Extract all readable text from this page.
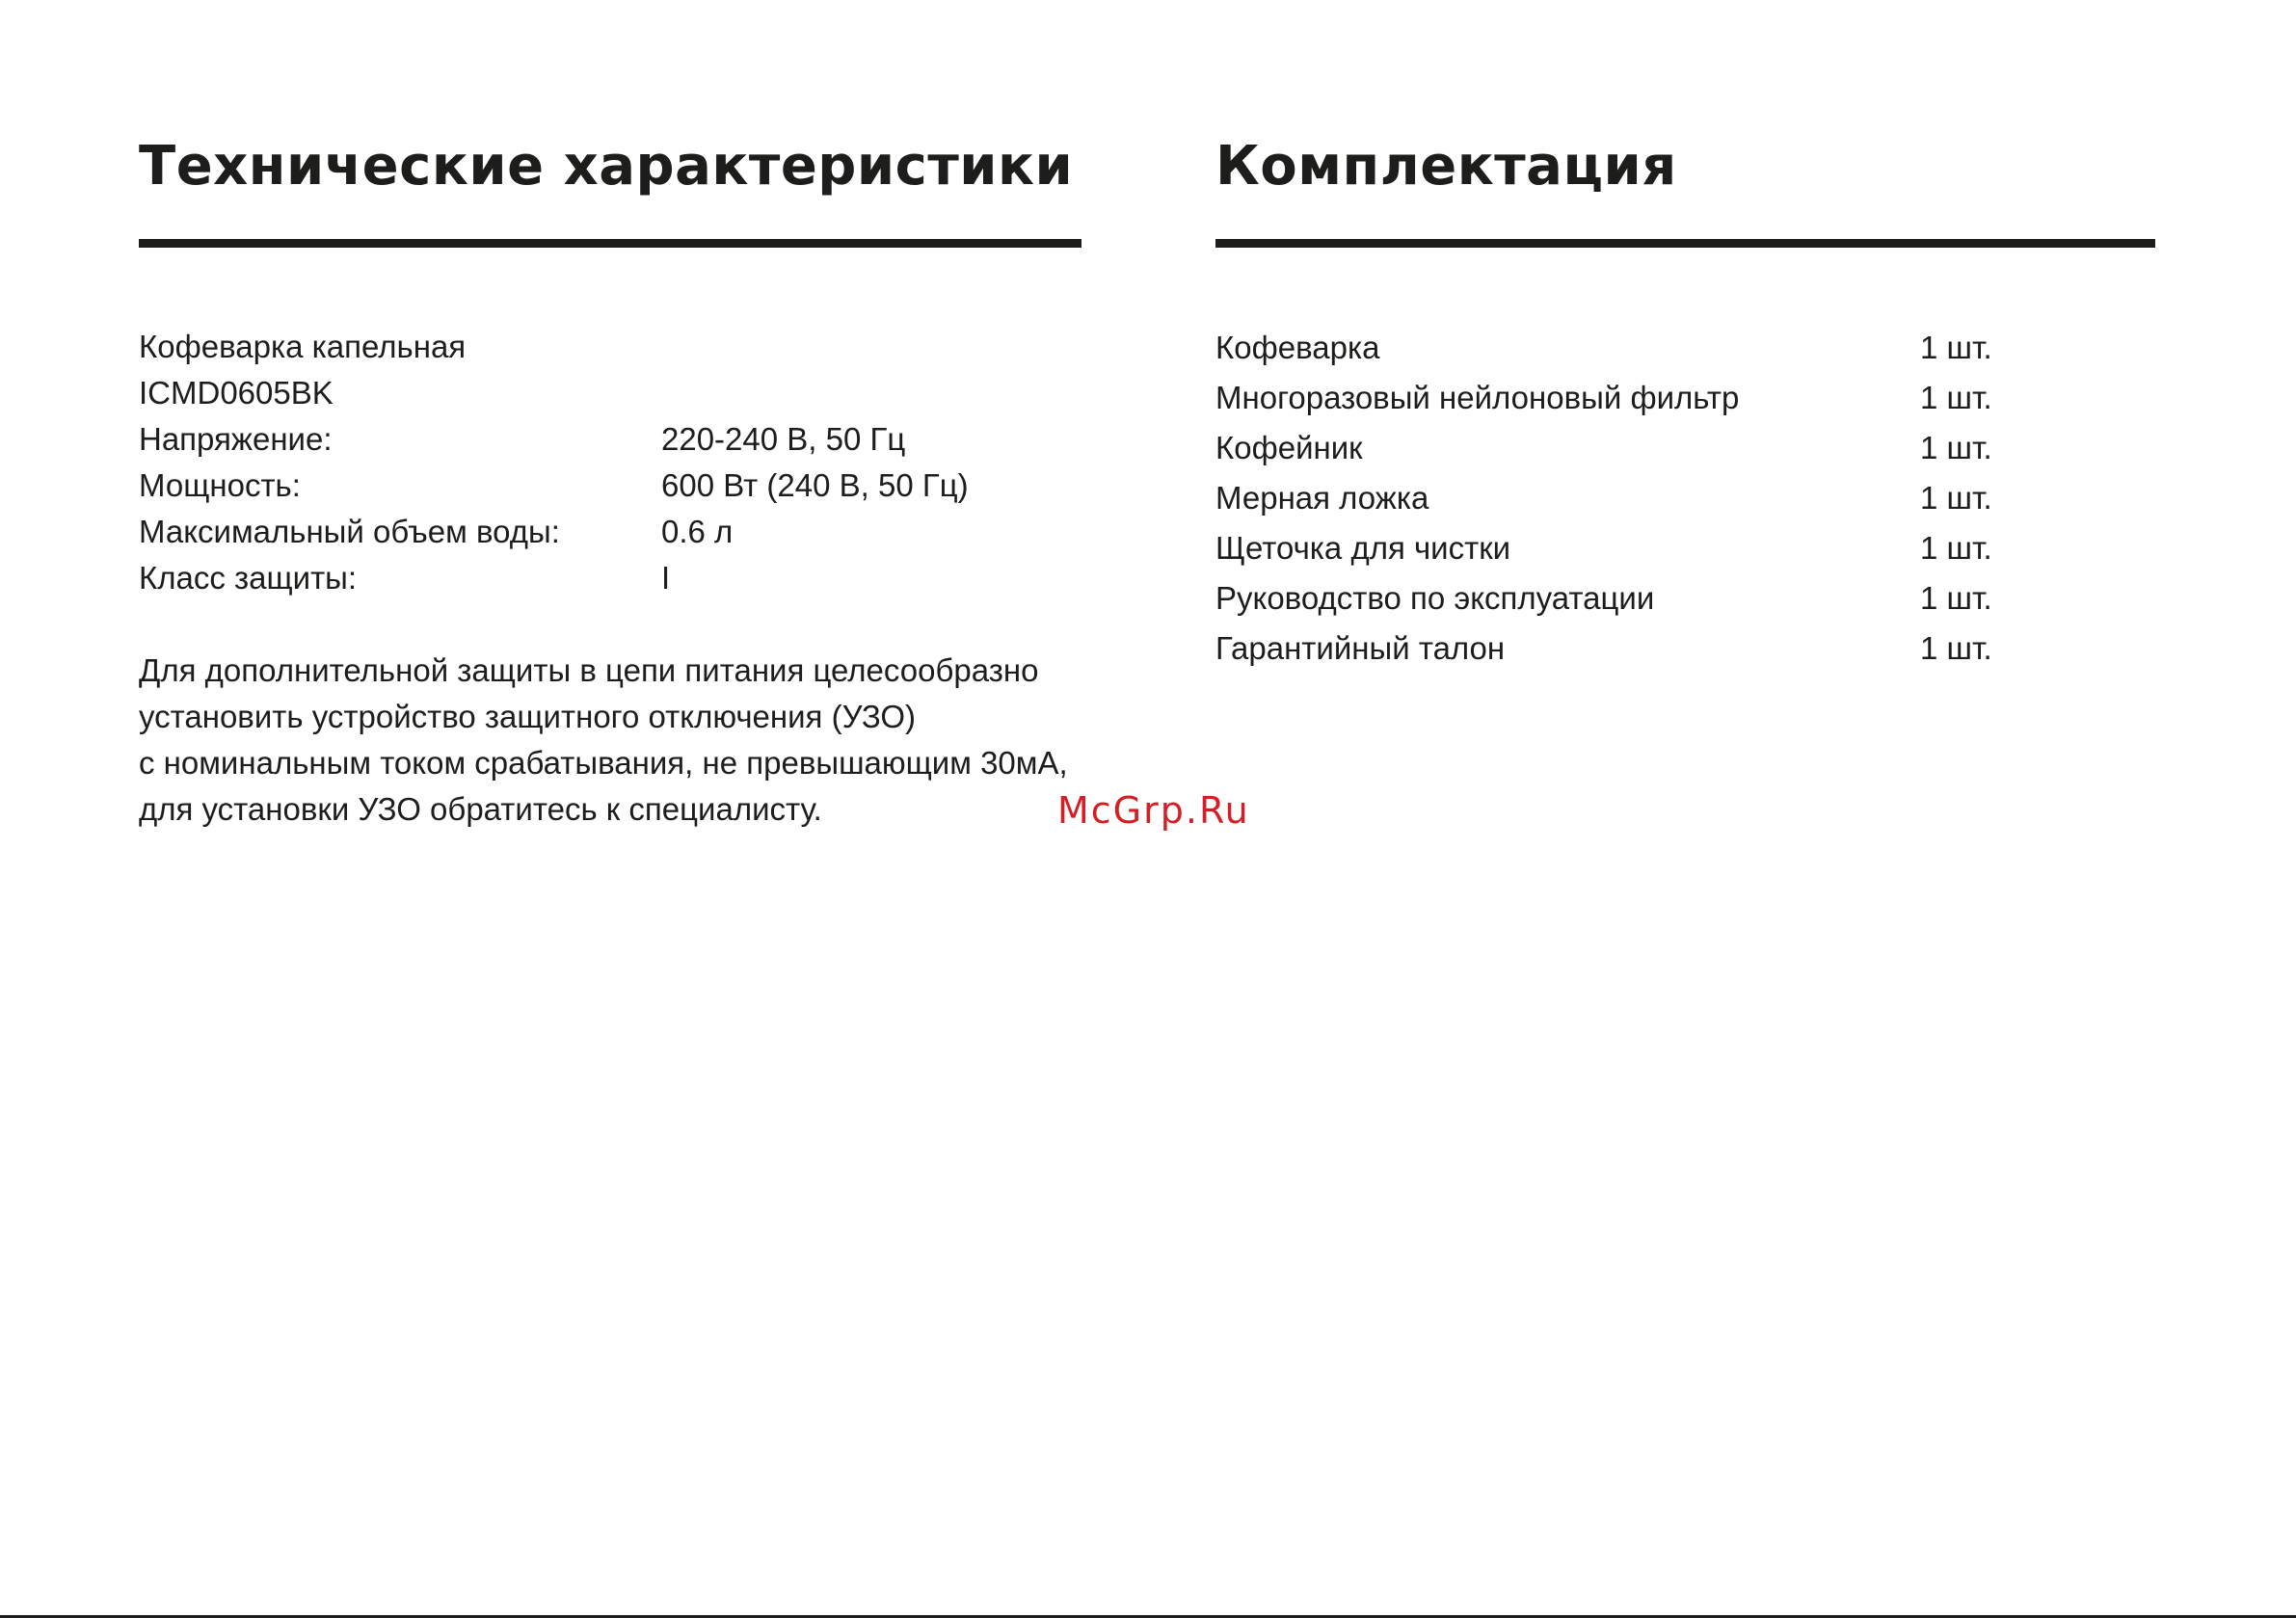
Технические характеристики
Кофеварка капельная
ICMD0605BK
Напряжение:	220-240 В, 50 Гц
Мощность:	600 Вт (240 В, 50 Гц)
Максимальный объем воды:	0.6 л
Класс защиты:	I
Для дополнительной защиты в цепи питания целесообразно
установить устройство защитного отключения (УЗО)
с номинальным током срабатывания, не превышающим 30мА,
для установки УЗО обратитесь к специалисту.
Комплектация
Кофеварка	1 шт.
Многоразовый нейлоновый фильтр	1 шт.
Кофейник	1 шт.
Мерная ложка	1 шт.
Щеточка для чистки	1 шт.
Руководство по эксплуатации	1 шт.
Гарантийный талон	1 шт.
McGrp.Ru
